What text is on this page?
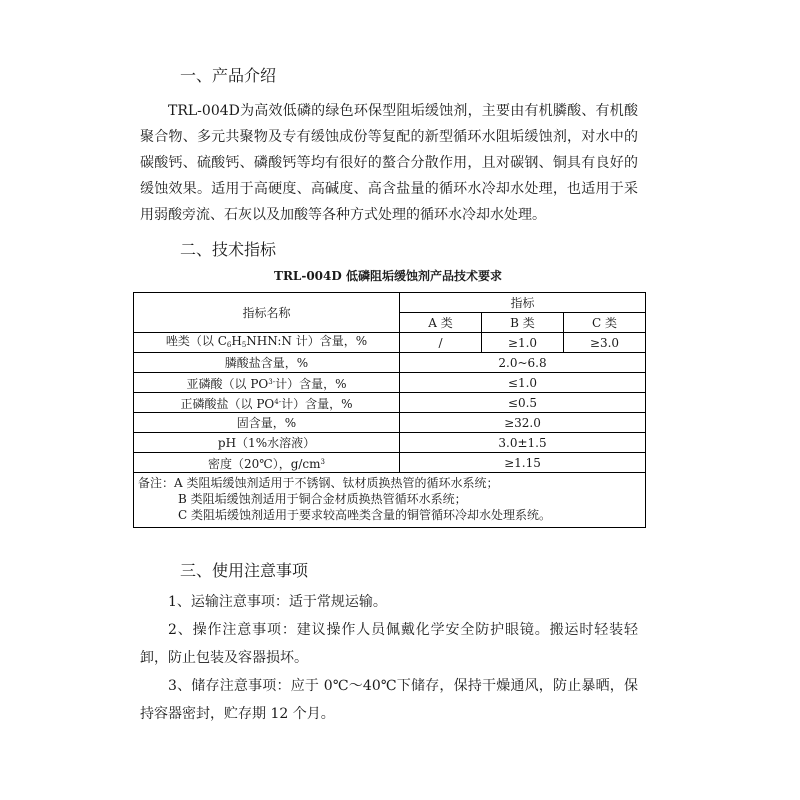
一、产品介绍
TRL-004D为高效低磷的绿色环保型阻垢缓蚀剂，主要由有机膦酸、有机酸聚合物、多元共聚物及专有缓蚀成份等复配的新型循环水阻垢缓蚀剂，对水中的碳酸钙、硫酸钙、磷酸钙等均有很好的螯合分散作用，且对碳钢、铜具有良好的缓蚀效果。适用于高硬度、高碱度、高含盐量的循环水冷却水处理，也适用于采用弱酸旁流、石灰以及加酸等各种方式处理的循环水冷却水处理。
二、技术指标
TRL-004D 低磷阻垢缓蚀剂产品技术要求
指标名称	指标		
	A 类	B 类	C 类
唑类（以 $C_6H_5NHN:N$ 计）含量，%	/	≥1.0	≥3.0
膦酸盐含量，%	2.0~6.8		
亚磷酸（以 $PO^{3-}$计）含量，%	≤1.0		
正磷酸盐（以 $PO^{4-}$计）含量，%	≤0.5		
固含量，%	≥32.0		
pH（1%水溶液）	3.0±1.5		
密度（20℃），$g/cm^3$	≥1.15		

备注：A 类阻垢缓蚀剂适用于不锈钢、钛材质换热管的循环水系统；
B 类阻垢缓蚀剂适用于铜合金材质换热管循环水系统；
C 类阻垢缓蚀剂适用于要求较高唑类含量的铜管循环冷却水处理系统。			
三、使用注意事项
1、运输注意事项：适于常规运输。
2、操作注意事项：建议操作人员佩戴化学安全防护眼镜。搬运时轻装轻卸，防止包装及容器损坏。
3、储存注意事项：应于 0℃～40℃下储存，保持干燥通风，防止暴晒，保持容器密封，贮存期 12 个月。
